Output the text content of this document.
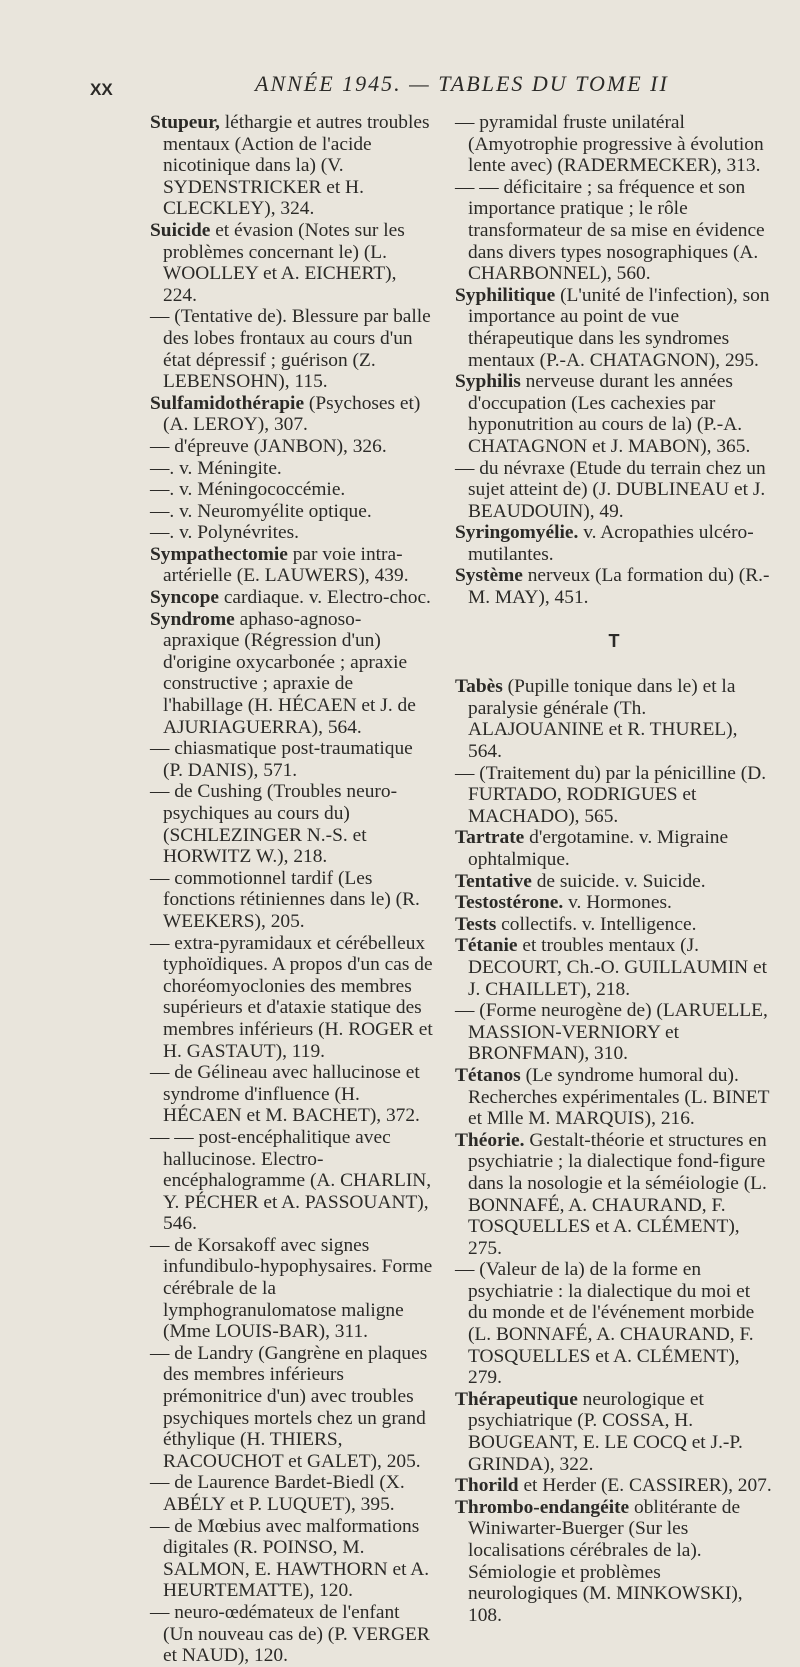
XX	ANNÉE 1945. — TABLES DU TOME II
Stupeur, léthargie et autres troubles mentaux (Action de l'acide nicotinique dans la) (V. SYDENSTRICKER et H. CLECKLEY), 324.
Suicide et évasion (Notes sur les problèmes concernant le) (L. WOOLLEY et A. EICHERT), 224.
— (Tentative de). Blessure par balle des lobes frontaux au cours d'un état dépressif ; guérison (Z. LEBENSOHN), 115.
Sulfamidothérapie (Psychoses et) (A. LEROY), 307.
— d'épreuve (JANBON), 326.
—. v. Méningite.
—. v. Méningococcémie.
—. v. Neuromyélite optique.
—. v. Polynévrites.
Sympathectomie par voie intra-artérielle (E. LAUWERS), 439.
Syncope cardiaque. v. Electro-choc.
Syndrome aphaso-agnoso-apraxique (Régression d'un) d'origine oxycarbonée ; apraxie constructive ; apraxie de l'habillage (H. HÉCAEN et J. de AJURIAGUERRA), 564.
— chiasmatique post-traumatique (P. DANIS), 571.
— de Cushing (Troubles neuro-psychiques au cours du) (SCHLEZINGER N.-S. et HORWITZ W.), 218.
— commotionnel tardif (Les fonctions rétiniennes dans le) (R. WEEKERS), 205.
— extra-pyramidaux et cérébelleux typhoïdiques. A propos d'un cas de choréomyoclonies des membres supérieurs et d'ataxie statique des membres inférieurs (H. ROGER et H. GASTAUT), 119.
— de Gélineau avec hallucinose et syndrome d'influence (H. HÉCAEN et M. BACHET), 372.
— — post-encéphalitique avec hallucinose. Electro-encéphalogramme (A. CHARLIN, Y. PÉCHER et A. PASSOUANT), 546.
— de Korsakoff avec signes infundibulo-hypophysaires. Forme cérébrale de la lymphogranulomatose maligne (Mme LOUIS-BAR), 311.
— de Landry (Gangrène en plaques des membres inférieurs prémonitrice d'un) avec troubles psychiques mortels chez un grand éthylique (H. THIERS, RACOUCHOT et GALET), 205.
— de Laurence Bardet-Biedl (X. ABÉLY et P. LUQUET), 395.
— de Mœbius avec malformations digitales (R. POINSO, M. SALMON, E. HAWTHORN et A. HEURTEMATTE), 120.
— neuro-œdémateux de l'enfant (Un nouveau cas de) (P. VERGER et NAUD), 120.
— pyramidal fruste unilatéral (Amyotrophie progressive à évolution lente avec) (RADERMECKER), 313.
— — déficitaire ; sa fréquence et son importance pratique ; le rôle transformateur de sa mise en évidence dans divers types nosographiques (A. CHARBONNEL), 560.
Syphilitique (L'unité de l'infection), son importance au point de vue thérapeutique dans les syndromes mentaux (P.-A. CHATAGNON), 295.
Syphilis nerveuse durant les années d'occupation (Les cachexies par hyponutrition au cours de la) (P.-A. CHATAGNON et J. MABON), 365.
— du névraxe (Etude du terrain chez un sujet atteint de) (J. DUBLINEAU et J. BEAUDOUIN), 49.
Syringomyélie. v. Acropathies ulcéro-mutilantes.
Système nerveux (La formation du) (R.-M. MAY), 451.
T
Tabès (Pupille tonique dans le) et la paralysie générale (Th. ALAJOUANINE et R. THUREL), 564.
— (Traitement du) par la pénicilline (D. FURTADO, RODRIGUES et MACHADO), 565.
Tartrate d'ergotamine. v. Migraine ophtalmique.
Tentative de suicide. v. Suicide.
Testostérone. v. Hormones.
Tests collectifs. v. Intelligence.
Tétanie et troubles mentaux (J. DECOURT, Ch.-O. GUILLAUMIN et J. CHAILLET), 218.
— (Forme neurogène de) (LARUELLE, MASSION-VERNIORY et BRONFMAN), 310.
Tétanos (Le syndrome humoral du). Recherches expérimentales (L. BINET et Mlle M. MARQUIS), 216.
Théorie. Gestalt-théorie et structures en psychiatrie ; la dialectique fond-figure dans la nosologie et la séméiologie (L. BONNAFÉ, A. CHAURAND, F. TOSQUELLES et A. CLÉMENT), 275.
— (Valeur de la) de la forme en psychiatrie : la dialectique du moi et du monde et de l'événement morbide (L. BONNAFÉ, A. CHAURAND, F. TOSQUELLES et A. CLÉMENT), 279.
Thérapeutique neurologique et psychiatrique (P. COSSA, H. BOUGEANT, E. LE COCQ et J.-P. GRINDA), 322.
Thorild et Herder (E. CASSIRER), 207.
Thrombo-endangéite oblitérante de Winiwarter-Buerger (Sur les localisations cérébrales de la). Sémiologie et problèmes neurologiques (M. MINKOWSKI), 108.
